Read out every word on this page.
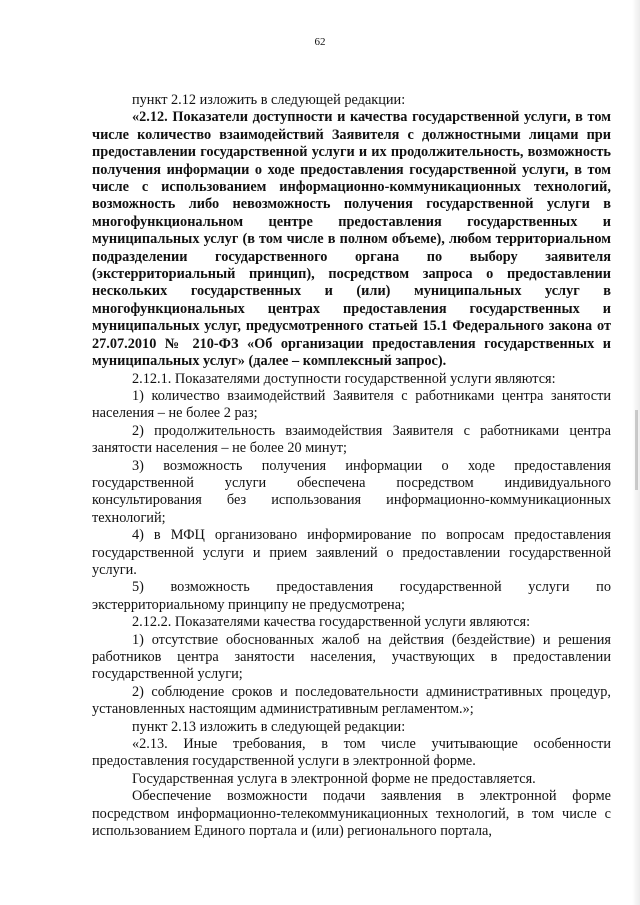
62

пункт 2.12 изложить в следующей редакции:

«2.12. Показатели доступности и качества государственной услуги, в том числе количество взаимодействий Заявителя с должностными лицами при предоставлении государственной услуги и их продолжительность, возможность получения информации о ходе предоставления государственной услуги, в том числе с использованием информационно-коммуникационных технологий, возможность либо невозможность получения государственной услуги в многофункциональном центре предоставления государственных и муниципальных услуг (в том числе в полном объеме), любом территориальном подразделении государственного органа по выбору заявителя (экстерриториальный принцип), посредством запроса о предоставлении нескольких государственных и (или) муниципальных услуг в многофункциональных центрах предоставления государственных и муниципальных услуг, предусмотренного статьей 15.1 Федерального закона от 27.07.2010 № 210-ФЗ «Об организации предоставления государственных и муниципальных услуг» (далее – комплексный запрос).

2.12.1. Показателями доступности государственной услуги являются:

1) количество взаимодействий Заявителя с работниками центра занятости населения – не более 2 раз;

2) продолжительность взаимодействия Заявителя с работниками центра занятости населения – не более 20 минут;

3) возможность получения информации о ходе предоставления государственной услуги обеспечена посредством индивидуального консультирования без использования информационно-коммуникационных технологий;

4) в МФЦ организовано информирование по вопросам предоставления государственной услуги и прием заявлений о предоставлении государственной услуги.

5) возможность предоставления государственной услуги по экстерриториальному принципу не предусмотрена;

2.12.2. Показателями качества государственной услуги являются:

1) отсутствие обоснованных жалоб на действия (бездействие) и решения работников центра занятости населения, участвующих в предоставлении государственной услуги;

2) соблюдение сроков и последовательности административных процедур, установленных настоящим административным регламентом.»;

пункт 2.13 изложить в следующей редакции:

«2.13. Иные требования, в том числе учитывающие особенности предоставления государственной услуги в электронной форме.

Государственная услуга в электронной форме не предоставляется.

Обеспечение возможности подачи заявления в электронной форме посредством информационно-телекоммуникационных технологий, в том числе с использованием Единого портала и (или) регионального портала,
